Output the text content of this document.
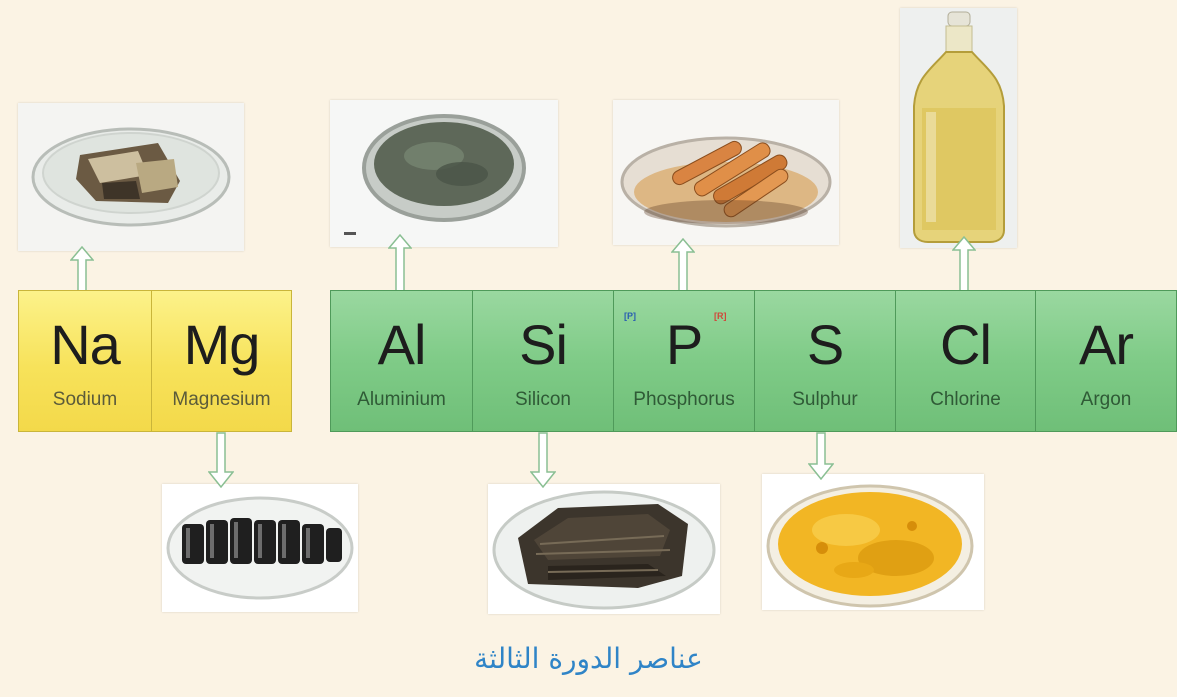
Na
Sodium
Mg
Magnesium
Al
Aluminium
Si
Silicon
[P]	[R]
P
Phosphorus
S
Sulphur
Cl
Chlorine
Ar
Argon
عناصر الدورة الثالثة
